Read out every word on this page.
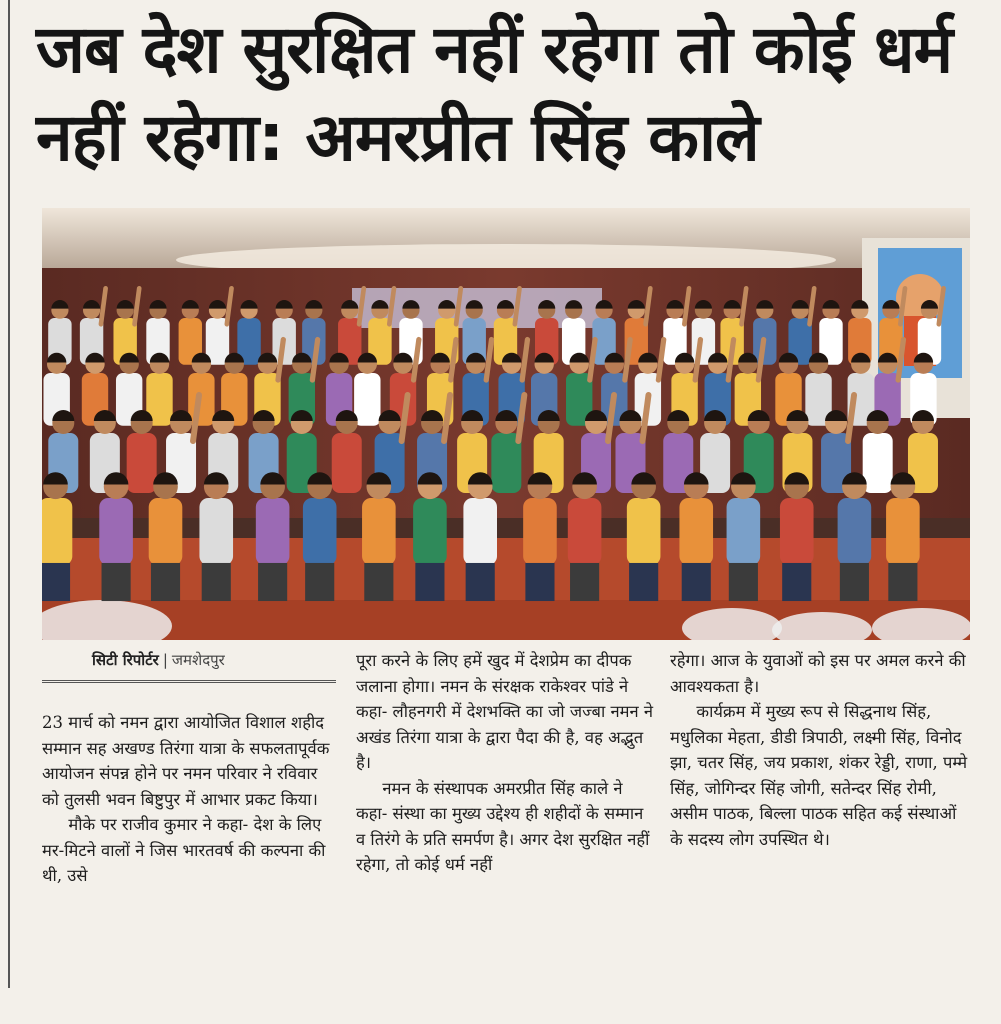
जब देश सुरक्षित नहीं रहेगा तो कोई धर्म नहीं रहेगा: अमरप्रीत सिंह काले
सिटी रिपोर्टर | जमशेदपुर

23 मार्च को नमन द्वारा आयोजित विशाल शहीद सम्मान सह अखण्ड तिरंगा यात्रा के सफलतापूर्वक आयोजन संपन्न होने पर नमन परिवार ने रविवार को तुलसी भवन बिष्टुपुर में आभार प्रकट किया।

मौके पर राजीव कुमार ने कहा- देश के लिए मर-मिटने वालों ने जिस भारतवर्ष की कल्पना की थी, उसे

पूरा करने के लिए हमें खुद में देशप्रेम का दीपक जलाना होगा। नमन के संरक्षक राकेश्वर पांडे ने कहा- लौहनगरी में देशभक्ति का जो जज्बा नमन ने अखंड तिरंगा यात्रा के द्वारा पैदा की है, वह अद्भुत है।

नमन के संस्थापक अमरप्रीत सिंह काले ने कहा- संस्था का मुख्य उद्देश्य ही शहीदों के सम्मान व तिरंगे के प्रति समर्पण है। अगर देश सुरक्षित नहीं रहेगा, तो कोई धर्म नहीं

रहेगा। आज के युवाओं को इस पर अमल करने की आवश्यकता है।

कार्यक्रम में मुख्य रूप से सिद्धनाथ सिंह, मधुलिका मेहता, डीडी त्रिपाठी, लक्ष्मी सिंह, विनोद झा, चतर सिंह, जय प्रकाश, शंकर रेड्डी, राणा, पम्मे सिंह, जोगिन्दर सिंह जोगी, सतेन्दर सिंह रोमी, असीम पाठक, बिल्ला पाठक सहित कई संस्थाओं के सदस्य लोग उपस्थित थे।
